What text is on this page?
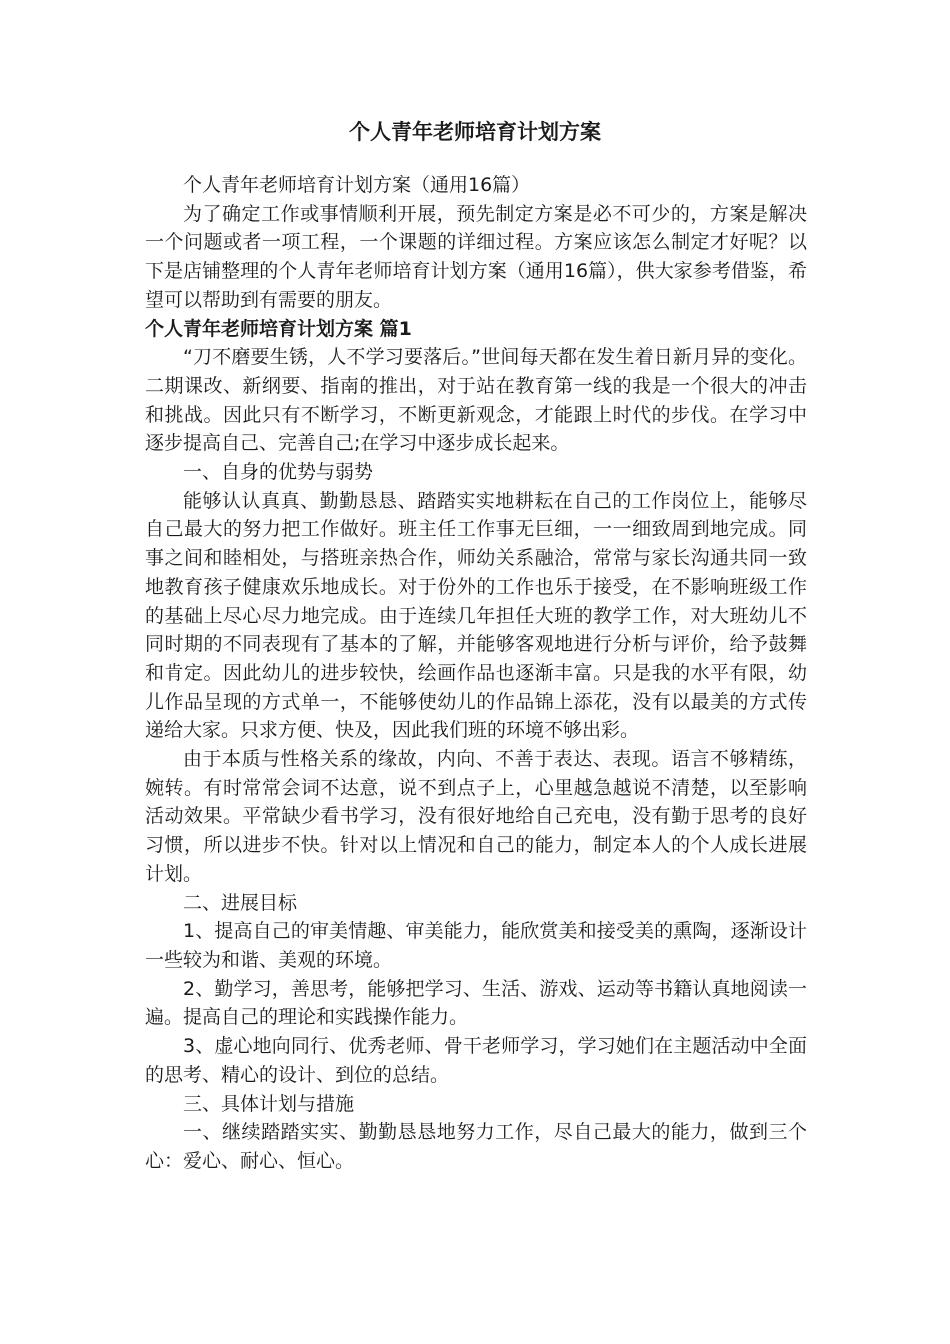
个人青年老师培育计划方案

个人青年老师培育计划方案（通用16篇）

为了确定工作或事情顺利开展，预先制定方案是必不可少的，方案是解决一个问题或者一项工程，一个课题的详细过程。方案应该怎么制定才好呢？以下是店铺整理的个人青年老师培育计划方案（通用16篇），供大家参考借鉴，希望可以帮助到有需要的朋友。

个人青年老师培育计划方案 篇1

“刀不磨要生锈，人不学习要落后。”世间每天都在发生着日新月异的变化。二期课改、新纲要、指南的推出，对于站在教育第一线的我是一个很大的冲击和挑战。因此只有不断学习，不断更新观念，才能跟上时代的步伐。在学习中逐步提高自己、完善自己;在学习中逐步成长起来。

一、自身的优势与弱势

能够认认真真、勤勤恳恳、踏踏实实地耕耘在自己的工作岗位上，能够尽自己最大的努力把工作做好。班主任工作事无巨细，一一细致周到地完成。同事之间和睦相处，与搭班亲热合作，师幼关系融洽，常常与家长沟通共同一致地教育孩子健康欢乐地成长。对于份外的工作也乐于接受，在不影响班级工作的基础上尽心尽力地完成。由于连续几年担任大班的教学工作，对大班幼儿不同时期的不同表现有了基本的了解，并能够客观地进行分析与评价，给予鼓舞和肯定。因此幼儿的进步较快，绘画作品也逐渐丰富。只是我的水平有限，幼儿作品呈现的方式单一，不能够使幼儿的作品锦上添花，没有以最美的方式传递给大家。只求方便、快及，因此我们班的环境不够出彩。

由于本质与性格关系的缘故，内向、不善于表达、表现。语言不够精练，婉转。有时常常会词不达意，说不到点子上，心里越急越说不清楚，以至影响活动效果。平常缺少看书学习，没有很好地给自己充电，没有勤于思考的良好习惯，所以进步不快。针对以上情况和自己的能力，制定本人的个人成长进展计划。

二、进展目标

1、提高自己的审美情趣、审美能力，能欣赏美和接受美的熏陶，逐渐设计一些较为和谐、美观的环境。

2、勤学习，善思考，能够把学习、生活、游戏、运动等书籍认真地阅读一遍。提高自己的理论和实践操作能力。

3、虚心地向同行、优秀老师、骨干老师学习，学习她们在主题活动中全面的思考、精心的设计、到位的总结。

三、具体计划与措施

一、继续踏踏实实、勤勤恳恳地努力工作，尽自己最大的能力，做到三个心：爱心、耐心、恒心。
